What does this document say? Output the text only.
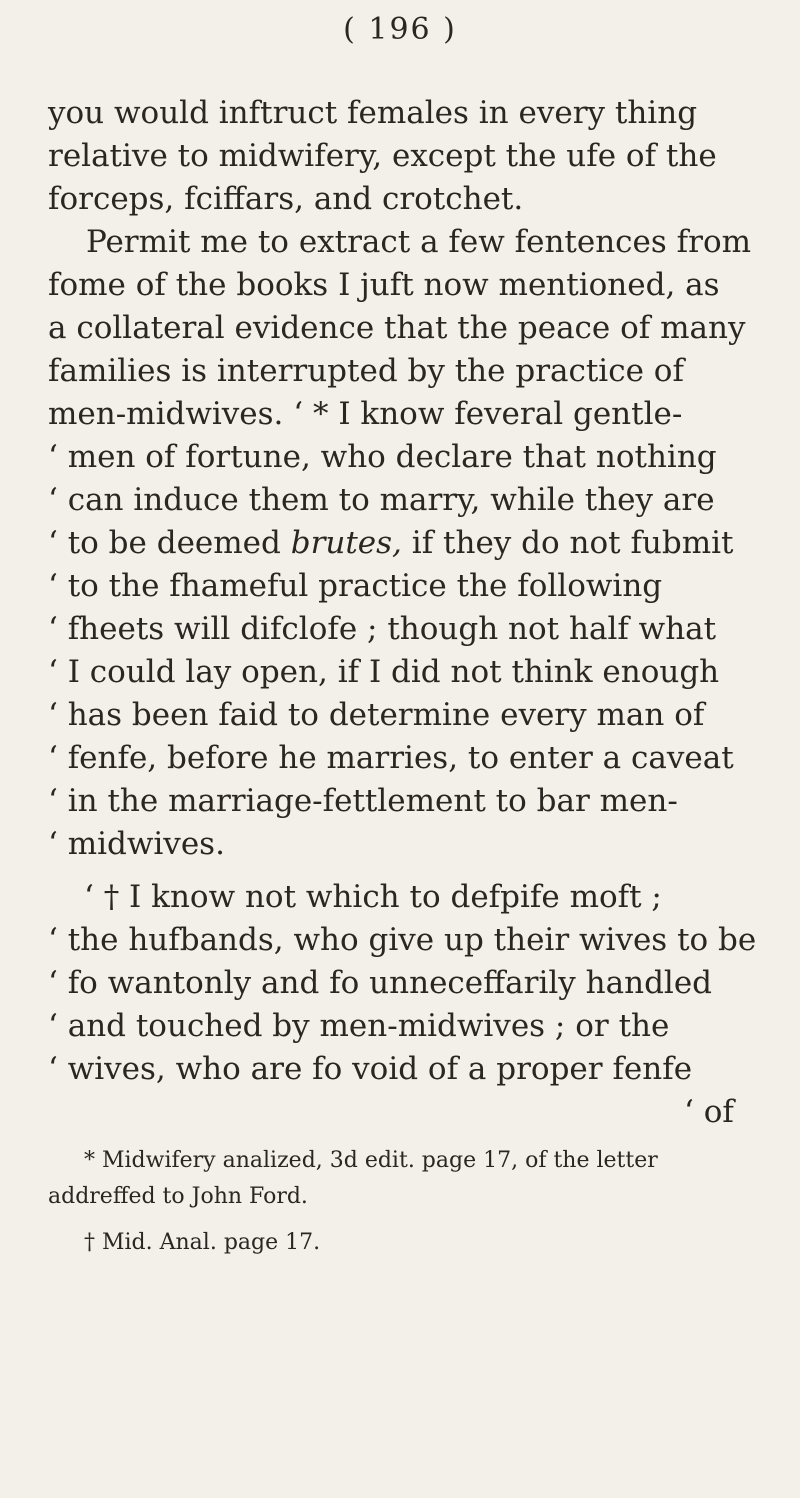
( 196 )
you would inftruct females in every thing
relative to midwifery, except the ufe of the
forceps, fciffars, and crotchet.
Permit me to extract a few fentences from
fome of the books I juft now mentioned, as
a collateral evidence that the peace of many
families is interrupted by the practice of
men-midwives. ‘ * I know feveral gentle-
‘ men of fortune, who declare that nothing
‘ can induce them to marry, while they are
‘ to be deemed brutes, if they do not fubmit
‘ to the fhameful practice the following
‘ fheets will difclofe ; though not half what
‘ I could lay open, if I did not think enough
‘ has been faid to determine every man of
‘ fenfe, before he marries, to enter a caveat
‘ in the marriage-fettlement to bar men-
‘ midwives.
‘ † I know not which to defpife moft ;
‘ the hufbands, who give up their wives to be
‘ fo wantonly and fo unneceffarily handled
‘ and touched by men-midwives ; or the
‘ wives, who are fo void of a proper fenfe
‘ of
* Midwifery analized, 3d edit. page 17, of the letter
addreffed to John Ford.
† Mid. Anal. page 17.
